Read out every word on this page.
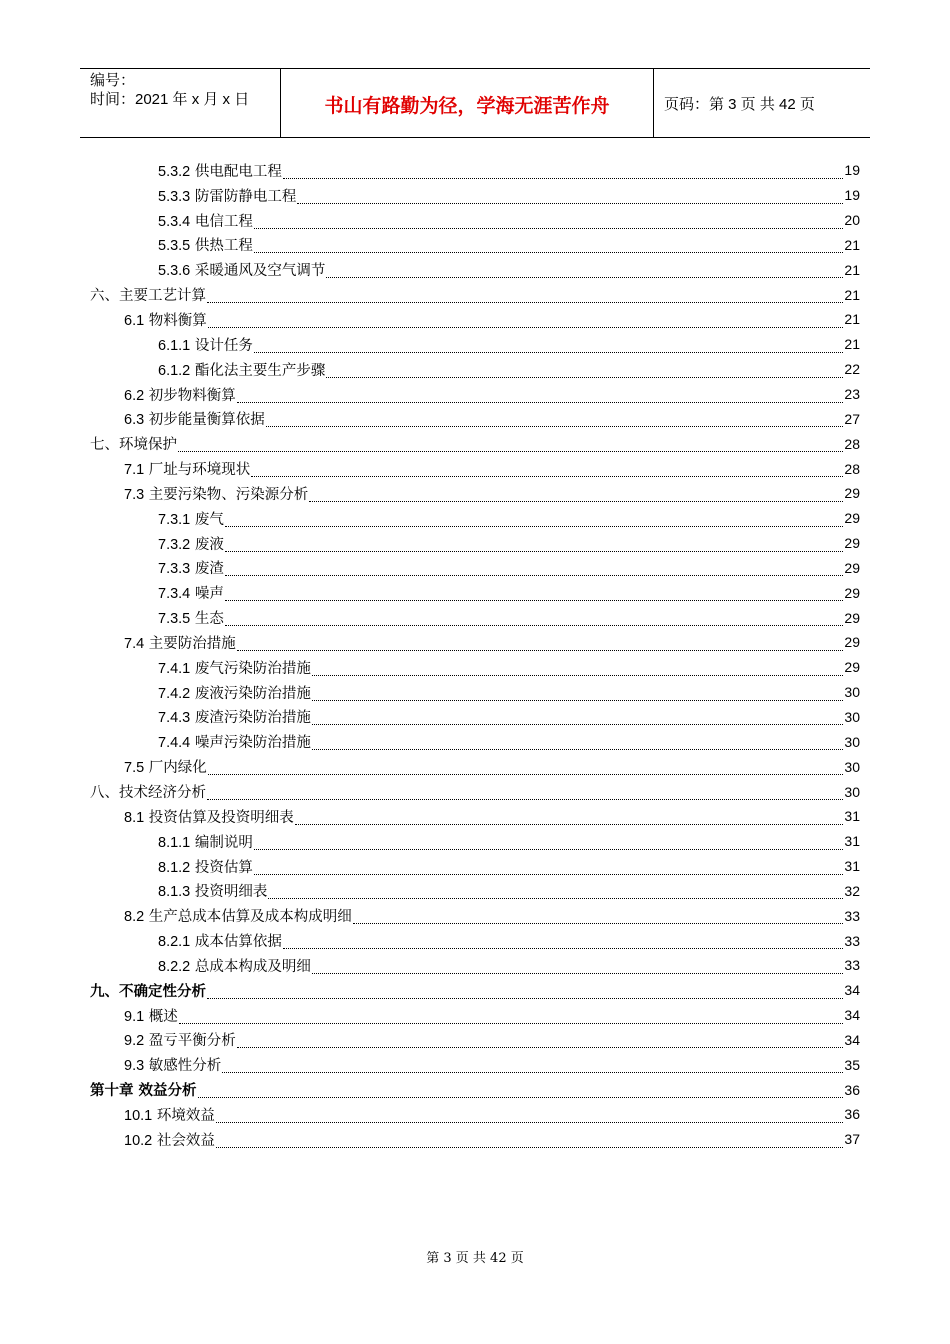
编号：
时间：2021 年 x 月 x 日	书山有路勤为径，学海无涯苦作舟	页码：第 3 页 共 42 页
5.3.2 供电配电工程	19
5.3.3 防雷防静电工程	19
5.3.4 电信工程	20
5.3.5 供热工程	21
5.3.6 采暖通风及空气调节	21
六、主要工艺计算	21
6.1 物料衡算	21
6.1.1 设计任务	21
6.1.2 酯化法主要生产步骤	22
6.2 初步物料衡算	23
6.3 初步能量衡算依据	27
七、环境保护	28
7.1 厂址与环境现状	28
7.3 主要污染物、污染源分析	29
7.3.1 废气	29
7.3.2 废液	29
7.3.3 废渣	29
7.3.4 噪声	29
7.3.5 生态	29
7.4 主要防治措施	29
7.4.1 废气污染防治措施	29
7.4.2 废液污染防治措施	30
7.4.3 废渣污染防治措施	30
7.4.4 噪声污染防治措施	30
7.5 厂内绿化	30
八、技术经济分析	30
8.1 投资估算及投资明细表	31
8.1.1 编制说明	31
8.1.2 投资估算	31
8.1.3 投资明细表	32
8.2 生产总成本估算及成本构成明细	33
8.2.1 成本估算依据	33
8.2.2 总成本构成及明细	33
九、不确定性分析	34
9.1 概述	34
9.2 盈亏平衡分析	34
9.3 敏感性分析	35
第十章 效益分析	36
10.1 环境效益	36
10.2 社会效益	37
第 3 页 共 42 页
